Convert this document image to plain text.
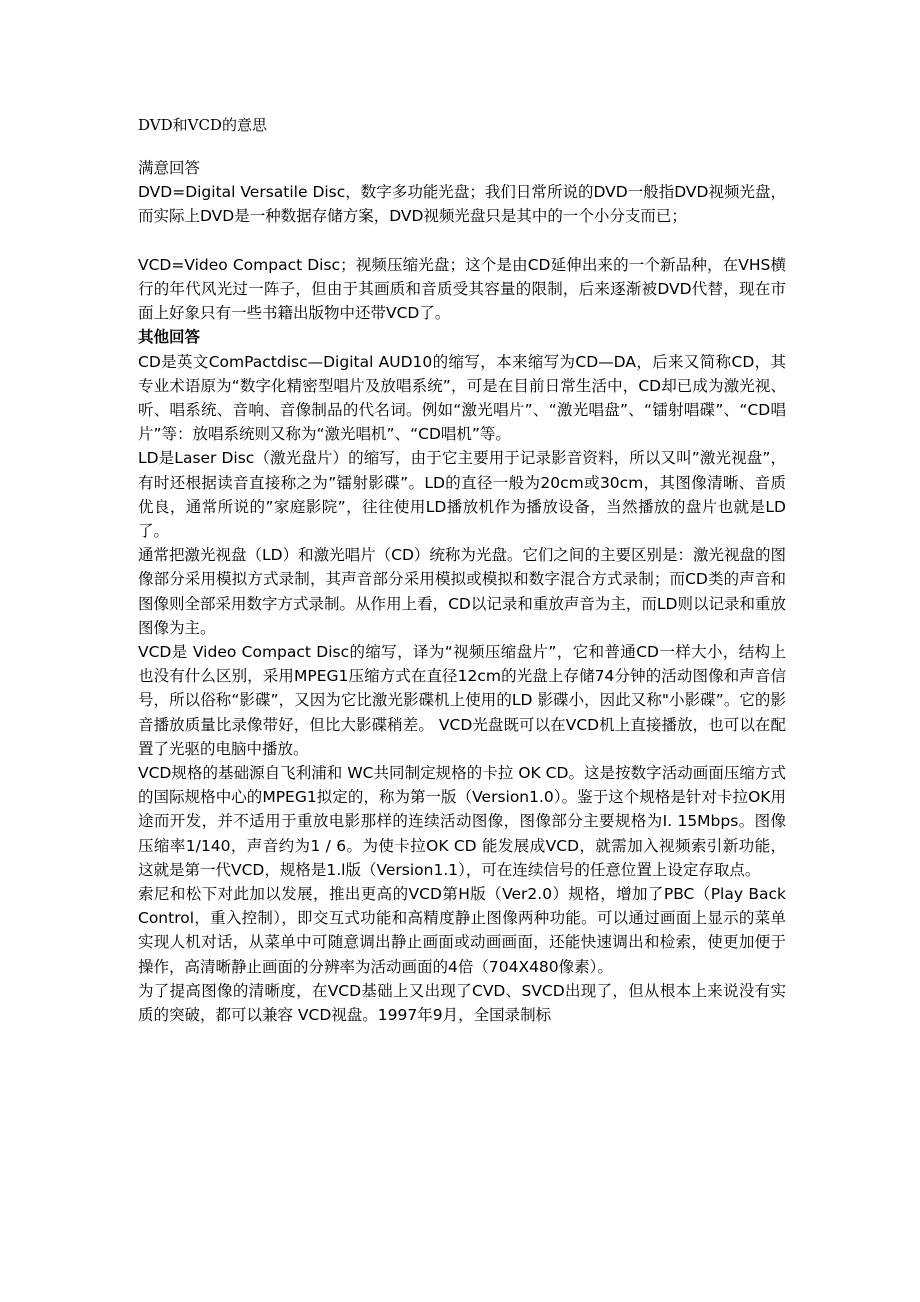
DVD和VCD的意思

满意回答

DVD=Digital Versatile Disc，数字多功能光盘；我们日常所说的DVD一般指DVD视频光盘，而实际上DVD是一种数据存储方案，DVD视频光盘只是其中的一个小分支而已；

VCD=Video Compact Disc；视频压缩光盘；这个是由CD延伸出来的一个新品种，在VHS横行的年代风光过一阵子，但由于其画质和音质受其容量的限制，后来逐渐被DVD代替，现在市面上好象只有一些书籍出版物中还带VCD了。

其他回答

CD是英文ComPactdisc—Digital AUD10的缩写，本来缩写为CD—DA，后来又简称CD，其专业术语原为“数字化精密型唱片及放唱系统”，可是在目前日常生活中，CD却已成为激光视、听、唱系统、音响、音像制品的代名词。例如“激光唱片”、“激光唱盘”、“镭射唱碟”、“CD唱片”等：放唱系统则又称为“激光唱机”、“CD唱机”等。

LD是Laser Disc（激光盘片）的缩写，由于它主要用于记录影音资料，所以又叫”激光视盘”，有时还根据读音直接称之为”镭射影碟”。LD的直径一般为20cm或30cm，其图像清晰、音质优良，通常所说的”家庭影院”，往往使用LD播放机作为播放设备，当然播放的盘片也就是LD了。

通常把激光视盘（LD）和激光唱片（CD）统称为光盘。它们之间的主要区别是：激光视盘的图像部分采用模拟方式录制，其声音部分采用模拟或模拟和数字混合方式录制；而CD类的声音和图像则全部采用数字方式录制。从作用上看，CD以记录和重放声音为主，而LD则以记录和重放图像为主。

VCD是 Video Compact Disc的缩写，译为“视频压缩盘片”，它和普通CD一样大小，结构上也没有什么区别，采用MPEG1压缩方式在直径12cm的光盘上存储74分钟的活动图像和声音信号，所以俗称“影碟”，又因为它比激光影碟机上使用的LD 影碟小，因此又称"小影碟”。它的影音播放质量比录像带好，但比大影碟稍差。 VCD光盘既可以在VCD机上直接播放，也可以在配置了光驱的电脑中播放。

VCD规格的基础源自飞利浦和 WC共同制定规格的卡拉 OK CD。这是按数字活动画面压缩方式的国际规格中心的MPEG1拟定的，称为第一版（Version1.0）。鉴于这个规格是针对卡拉OK用途而开发，并不适用于重放电影那样的连续活动图像，图像部分主要规格为I. 15Mbps。图像压缩率1/140，声音约为1 / 6。为使卡拉OK CD 能发展成VCD，就需加入视频索引新功能，这就是第一代VCD，规格是1.l版（Version1.1），可在连续信号的任意位置上设定存取点。

索尼和松下对此加以发展，推出更高的VCD第H版（Ver2.0）规格，增加了PBC（Play Back Control，重入控制），即交互式功能和高精度静止图像两种功能。可以通过画面上显示的菜单实现人机对话，从菜单中可随意调出静止画面或动画画面，还能快速调出和检索，使更加便于操作，高清晰静止画面的分辨率为活动画面的4倍（704X480像素）。

为了提高图像的清晰度，在VCD基础上又出现了CVD、SVCD出现了，但从根本上来说没有实质的突破，都可以兼容 VCD视盘。1997年9月，全国录制标
